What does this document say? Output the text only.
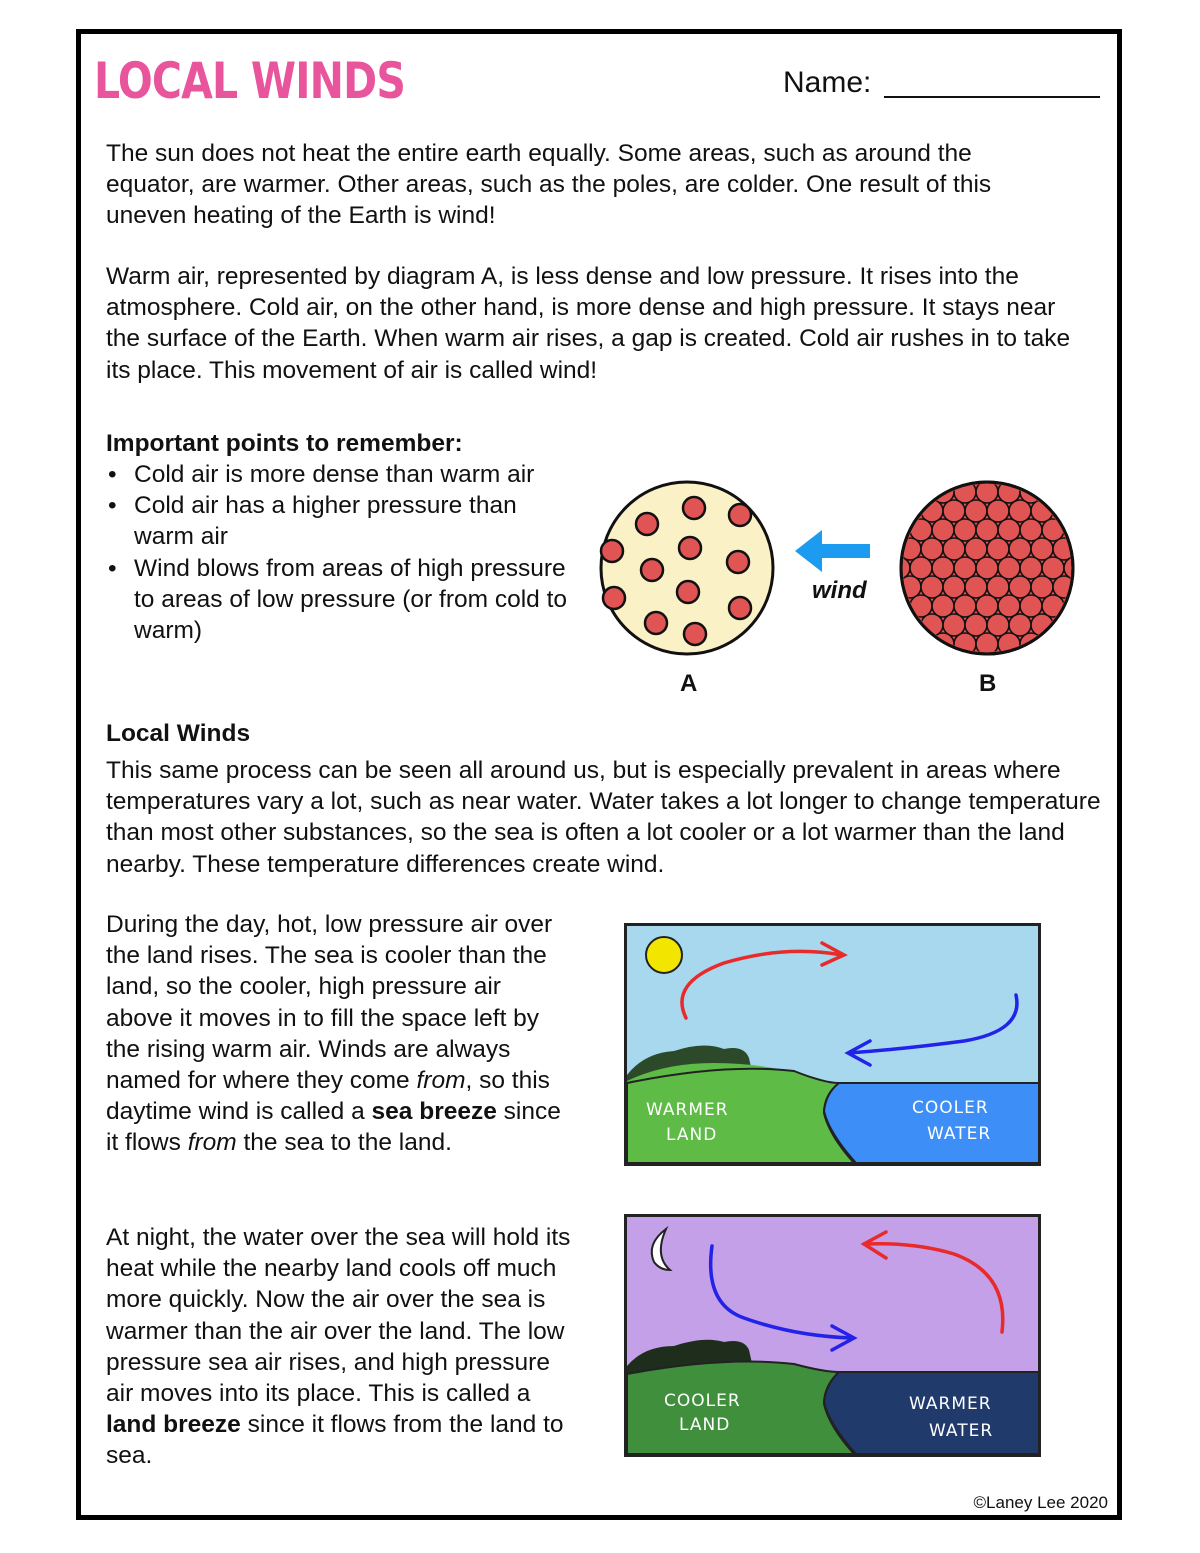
LOCAL WINDS	Name:

The sun does not heat the entire earth equally. Some areas, such as around the equator, are warmer. Other areas, such as the poles, are colder. One result of this uneven heating of the Earth is wind!

Warm air, represented by diagram A, is less dense and low pressure. It rises into the atmosphere. Cold air, on the other hand, is more dense and high pressure. It stays near the surface of the Earth. When warm air rises, a gap is created. Cold air rushes in to take its place. This movement of air is called wind!

Important points to remember:

• Cold air is more dense than warm air
• Cold air has a higher pressure than warm air
• Wind blows from areas of high pressure to areas of low pressure (or from cold to warm)
wind
A	B

Local Winds

This same process can be seen all around us, but is especially prevalent in areas where temperatures vary a lot, such as near water. Water takes a lot longer to change temperature than most other substances, so the sea is often a lot cooler or a lot warmer than the land nearby. These temperature differences create wind.

During the day, hot, low pressure air over the land rises. The sea is cooler than the land, so the cooler, high pressure air above it moves in to fill the space left by the rising warm air. Winds are always named for where they come from, so this daytime wind is called a sea breeze since it flows from the sea to the land.

WARMER
LAND
COOLER
WATER

At night, the water over the sea will hold its heat while the nearby land cools off much more quickly. Now the air over the sea is warmer than the air over the land. The low pressure sea air rises, and high pressure air moves into its place. This is called a land breeze since it flows from the land to sea.

COOLER
LAND
WARMER
WATER
©Laney Lee 2020
